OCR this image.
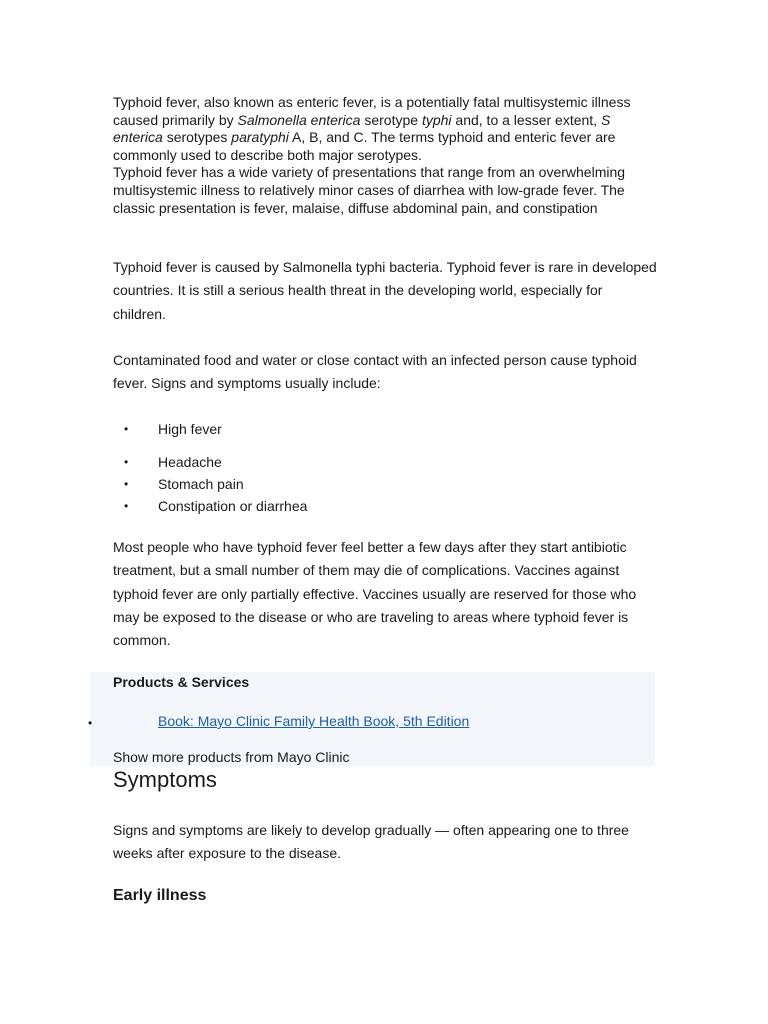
Typhoid fever, also known as enteric fever, is a potentially fatal multisystemic illness caused primarily by Salmonella enterica serotype typhi and, to a lesser extent, S enterica serotypes paratyphi A, B, and C. The terms typhoid and enteric fever are commonly used to describe both major serotypes.

Typhoid fever has a wide variety of presentations that range from an overwhelming multisystemic illness to relatively minor cases of diarrhea with low-grade fever. The classic presentation is fever, malaise, diffuse abdominal pain, and constipation

Typhoid fever is caused by Salmonella typhi bacteria. Typhoid fever is rare in developed countries. It is still a serious health threat in the developing world, especially for children.

Contaminated food and water or close contact with an infected person cause typhoid fever. Signs and symptoms usually include:

• High fever
• Headache
• Stomach pain
• Constipation or diarrhea

Most people who have typhoid fever feel better a few days after they start antibiotic treatment, but a small number of them may die of complications. Vaccines against typhoid fever are only partially effective. Vaccines usually are reserved for those who may be exposed to the disease or who are traveling to areas where typhoid fever is common.

Products & Services
•	Book: Mayo Clinic Family Health Book, 5th Edition
Show more products from Mayo Clinic
Symptoms

Signs and symptoms are likely to develop gradually — often appearing one to three weeks after exposure to the disease.

Early illness
